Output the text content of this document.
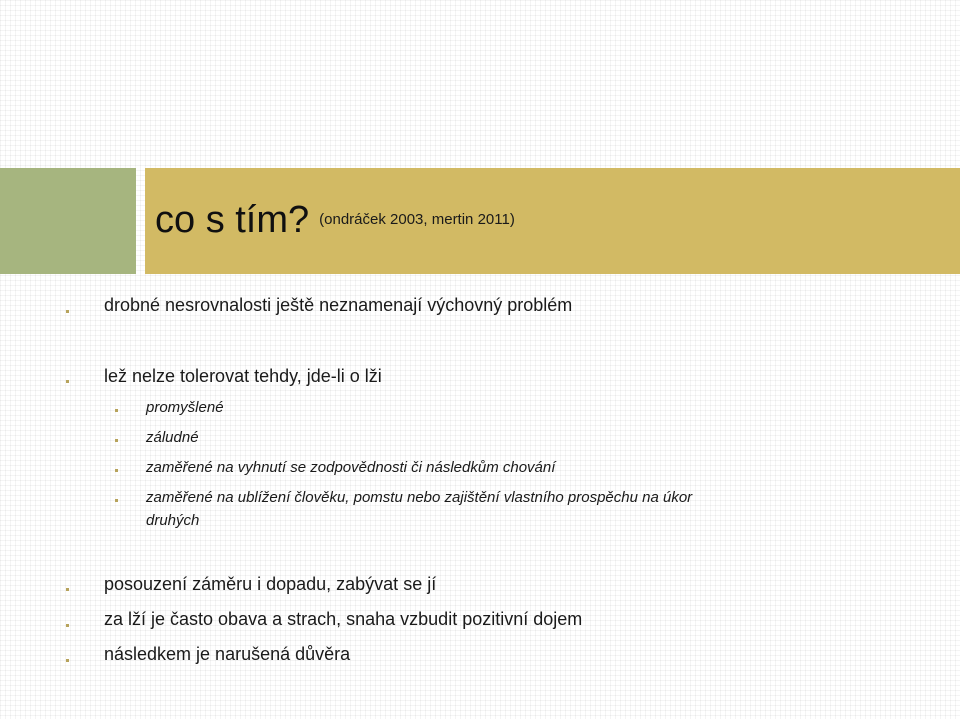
co s tím? (ondráček 2003, mertin 2011)
drobné nesrovnalosti ještě neznamenají výchovný problém
lež nelze tolerovat tehdy, jde-li o lži
promyšlené
záludné
zaměřené na vyhnutí se zodpovědnosti či následkům chování
zaměřené na ublížení člověku, pomstu nebo zajištění vlastního prospěchu na úkor
druhých
posouzení záměru i dopadu, zabývat se jí
za lží je často obava a strach, snaha vzbudit pozitivní dojem
následkem je narušená důvěra
